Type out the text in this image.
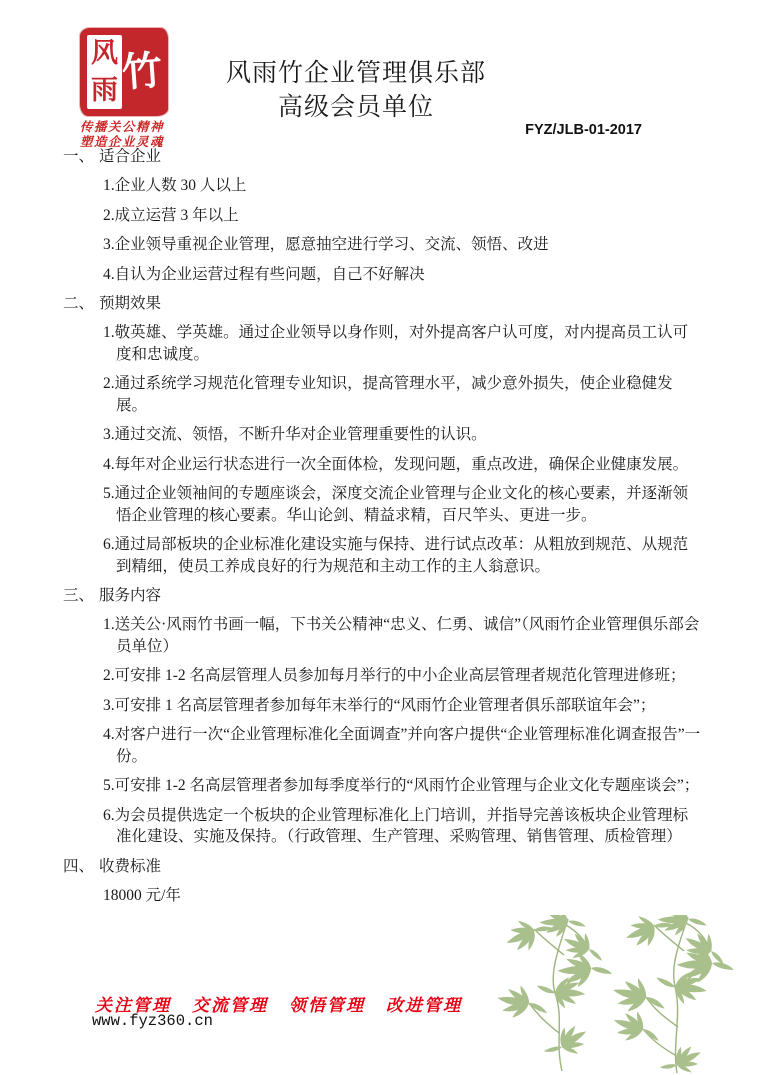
风
雨 竹
传播关公精神
塑造企业灵魂
风雨竹企业管理俱乐部
高级会员单位
FYZ/JLB-01-2017
一、 适合企业

1.企业人数 30 人以上

2.成立运营 3 年以上

3.企业领导重视企业管理，愿意抽空进行学习、交流、领悟、改进

4.自认为企业运营过程有些问题，自己不好解决

二、 预期效果

1.敬英雄、学英雄。通过企业领导以身作则，对外提高客户认可度，对内提高员工认可度和忠诚度。

2.通过系统学习规范化管理专业知识，提高管理水平，减少意外损失，使企业稳健发展。

3.通过交流、领悟，不断升华对企业管理重要性的认识。

4.每年对企业运行状态进行一次全面体检，发现问题，重点改进，确保企业健康发展。

5.通过企业领袖间的专题座谈会，深度交流企业管理与企业文化的核心要素，并逐渐领悟企业管理的核心要素。华山论剑、精益求精，百尺竿头、更进一步。

6.通过局部板块的企业标准化建设实施与保持、进行试点改革：从粗放到规范、从规范到精细，使员工养成良好的行为规范和主动工作的主人翁意识。

三、 服务内容

1.送关公·风雨竹书画一幅，下书关公精神“忠义、仁勇、诚信”（风雨竹企业管理俱乐部会员单位）

2.可安排 1-2 名高层管理人员参加每月举行的中小企业高层管理者规范化管理进修班；

3.可安排 1 名高层管理者参加每年末举行的“风雨竹企业管理者俱乐部联谊年会”；

4.对客户进行一次“企业管理标准化全面调查”并向客户提供“企业管理标准化调查报告”一份。

5.可安排 1-2 名高层管理者参加每季度举行的“风雨竹企业管理与企业文化专题座谈会”；

6.为会员提供选定一个板块的企业管理标准化上门培训，并指导完善该板块企业管理标准化建设、实施及保持。（行政管理、生产管理、采购管理、销售管理、质检管理）

四、 收费标准

18000 元/年

关注管理 交流管理 领悟管理 改进管理
www.fyz360.cn
